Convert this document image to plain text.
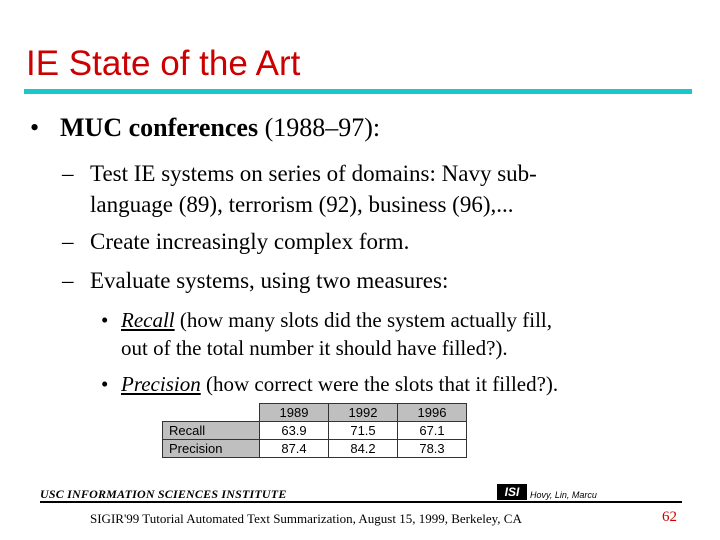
IE State of the Art
• MUC conferences (1988–97):
– Test IE systems on series of domains: Navy sub-
language (89), terrorism (92), business (96),...
– Create increasingly complex form.
– Evaluate systems, using two measures:
• Recall (how many slots did the system actually fill,
out of the total number it should have filled?).
• Precision (how correct were the slots that it filled?).
	1989	1992	1996
Recall	63.9	71.5	67.1
Precision	87.4	84.2	78.3
USC INFORMATION SCIENCES INSTITUTE	ISI	Hovy, Lin, Marcu
SIGIR'99 Tutorial Automated Text Summarization, August 15, 1999, Berkeley, CA	62
